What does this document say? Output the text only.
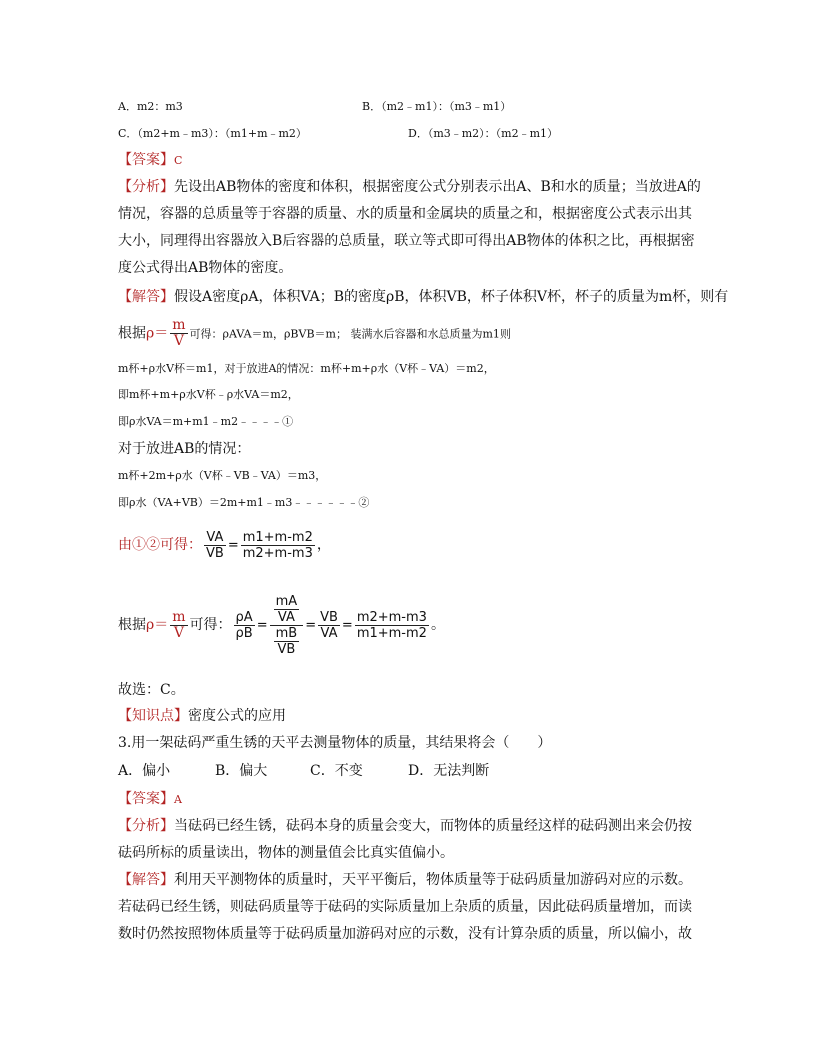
A．m2：m3	B．（m2﹣m1）：（m3﹣m1）
C．（m2+m﹣m3）：（m1+m﹣m2）	D．（m3﹣m2）：（m2﹣m1）
【答案】C
【分析】先设出AB物体的密度和体积，根据密度公式分别表示出A、B和水的质量；当放进A的
情况，容器的总质量等于容器的质量、水的质量和金属块的质量之和，根据密度公式表示出其
大小，同理得出容器放入B后容器的总质量，联立等式即可得出AB物体的体积之比，再根据密
度公式得出AB物体的密度。
【解答】假设A密度ρA，体积VA；B的密度ρB，体积VB，杯子体积V杯，杯子的质量为m杯，则有
根据$\rho= \frac{m}{V}$ 可得：ρAVA＝m，ρBVB＝m； 装满水后容器和水总质量为m1则
m杯+ρ水V杯＝m1，对于放进A的情况：m杯+m+ρ水（V杯﹣VA）＝m2，
即m杯+m+ρ水V杯﹣ρ水VA＝m2，
即ρ水VA＝m+m1﹣m2﹣﹣﹣﹣①
对于放进AB的情况：
m杯+2m+ρ水（V杯﹣VB﹣VA）＝m3，
即ρ水（VA+VB）＝2m+m1﹣m3﹣﹣﹣﹣﹣﹣②
由①②可得： $\frac{VA}{VB} = \frac{m1+m-m2}{m2+m-m3}$ ，
根据$\rho= \frac{m}{V}$ 可得： $\frac{\rho A}{\rho B} = \frac{\frac{mA}{VA}}{\frac{mB}{VB}} = \frac{VB}{VA} = \frac{m2+m-m3}{m1+m-m2}$ 。
故选：C。
【知识点】密度公式的应用
3.用一架砝码严重生锈的天平去测量物体的质量，其结果将会（　　）
A．偏小	B．偏大	C．不变	D．无法判断
【答案】A
【分析】当砝码已经生锈，砝码本身的质量会变大，而物体的质量经这样的砝码测出来会仍按
砝码所标的质量读出，物体的测量值会比真实值偏小。
【解答】利用天平测物体的质量时，天平平衡后，物体质量等于砝码质量加游码对应的示数。
若砝码已经生锈，则砝码质量等于砝码的实际质量加上杂质的质量，因此砝码质量增加，而读
数时仍然按照物体质量等于砝码质量加游码对应的示数，没有计算杂质的质量，所以偏小，故
